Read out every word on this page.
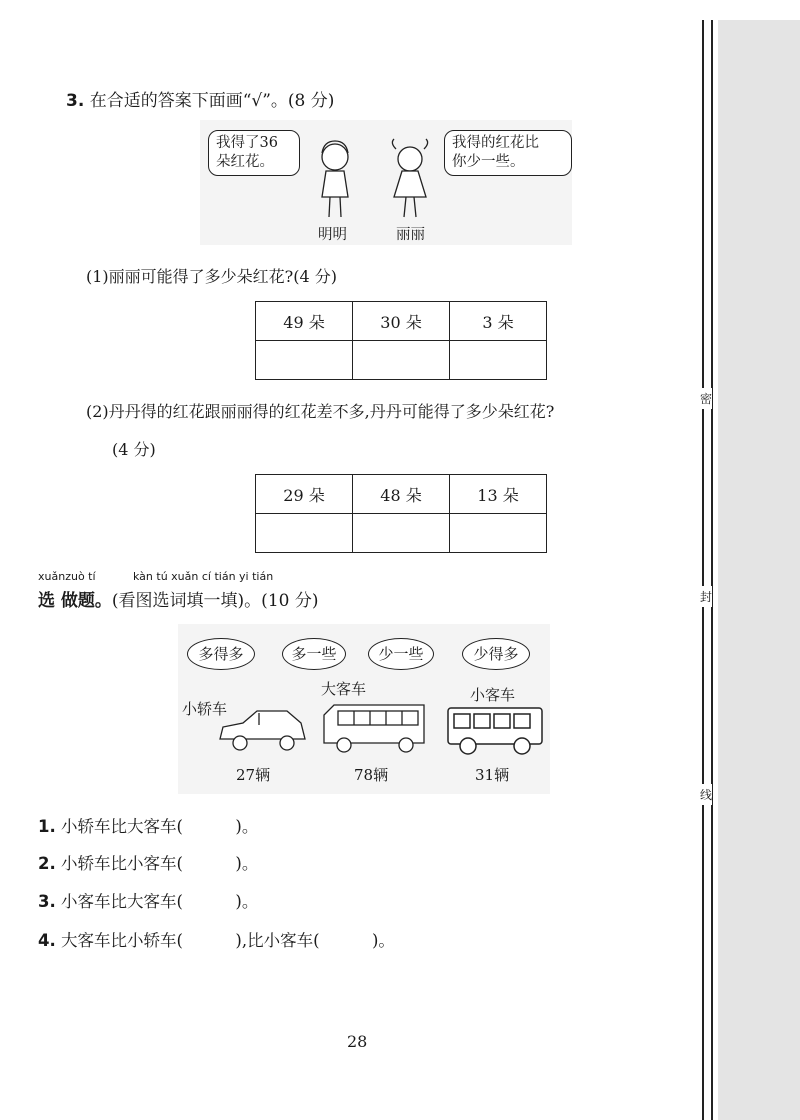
密
封
线
3. 在合适的答案下面画“√”。(8 分)
我得了36
朵红花。
我得的红花比
你少一些。
明明	丽丽
(1)丽丽可能得了多少朵红花?(4 分)
49 朵	30 朵	3 朵

(2)丹丹得的红花跟丽丽得的红花差不多,丹丹可能得了多少朵红花?
(4 分)
29 朵	48 朵	13 朵

xuǎnzuò tí	kàn tú xuǎn cí tián yi tián
选 做题。(看图选词填一填)。(10 分)
多得多	多一些	少一些	少得多
小轿车
大客车	小客车
27辆	78辆	31辆
1. 小轿车比大客车(          )。
2. 小轿车比小客车(          )。
3. 小客车比大客车(          )。
4. 大客车比小轿车(          ),比小客车(          )。
28
